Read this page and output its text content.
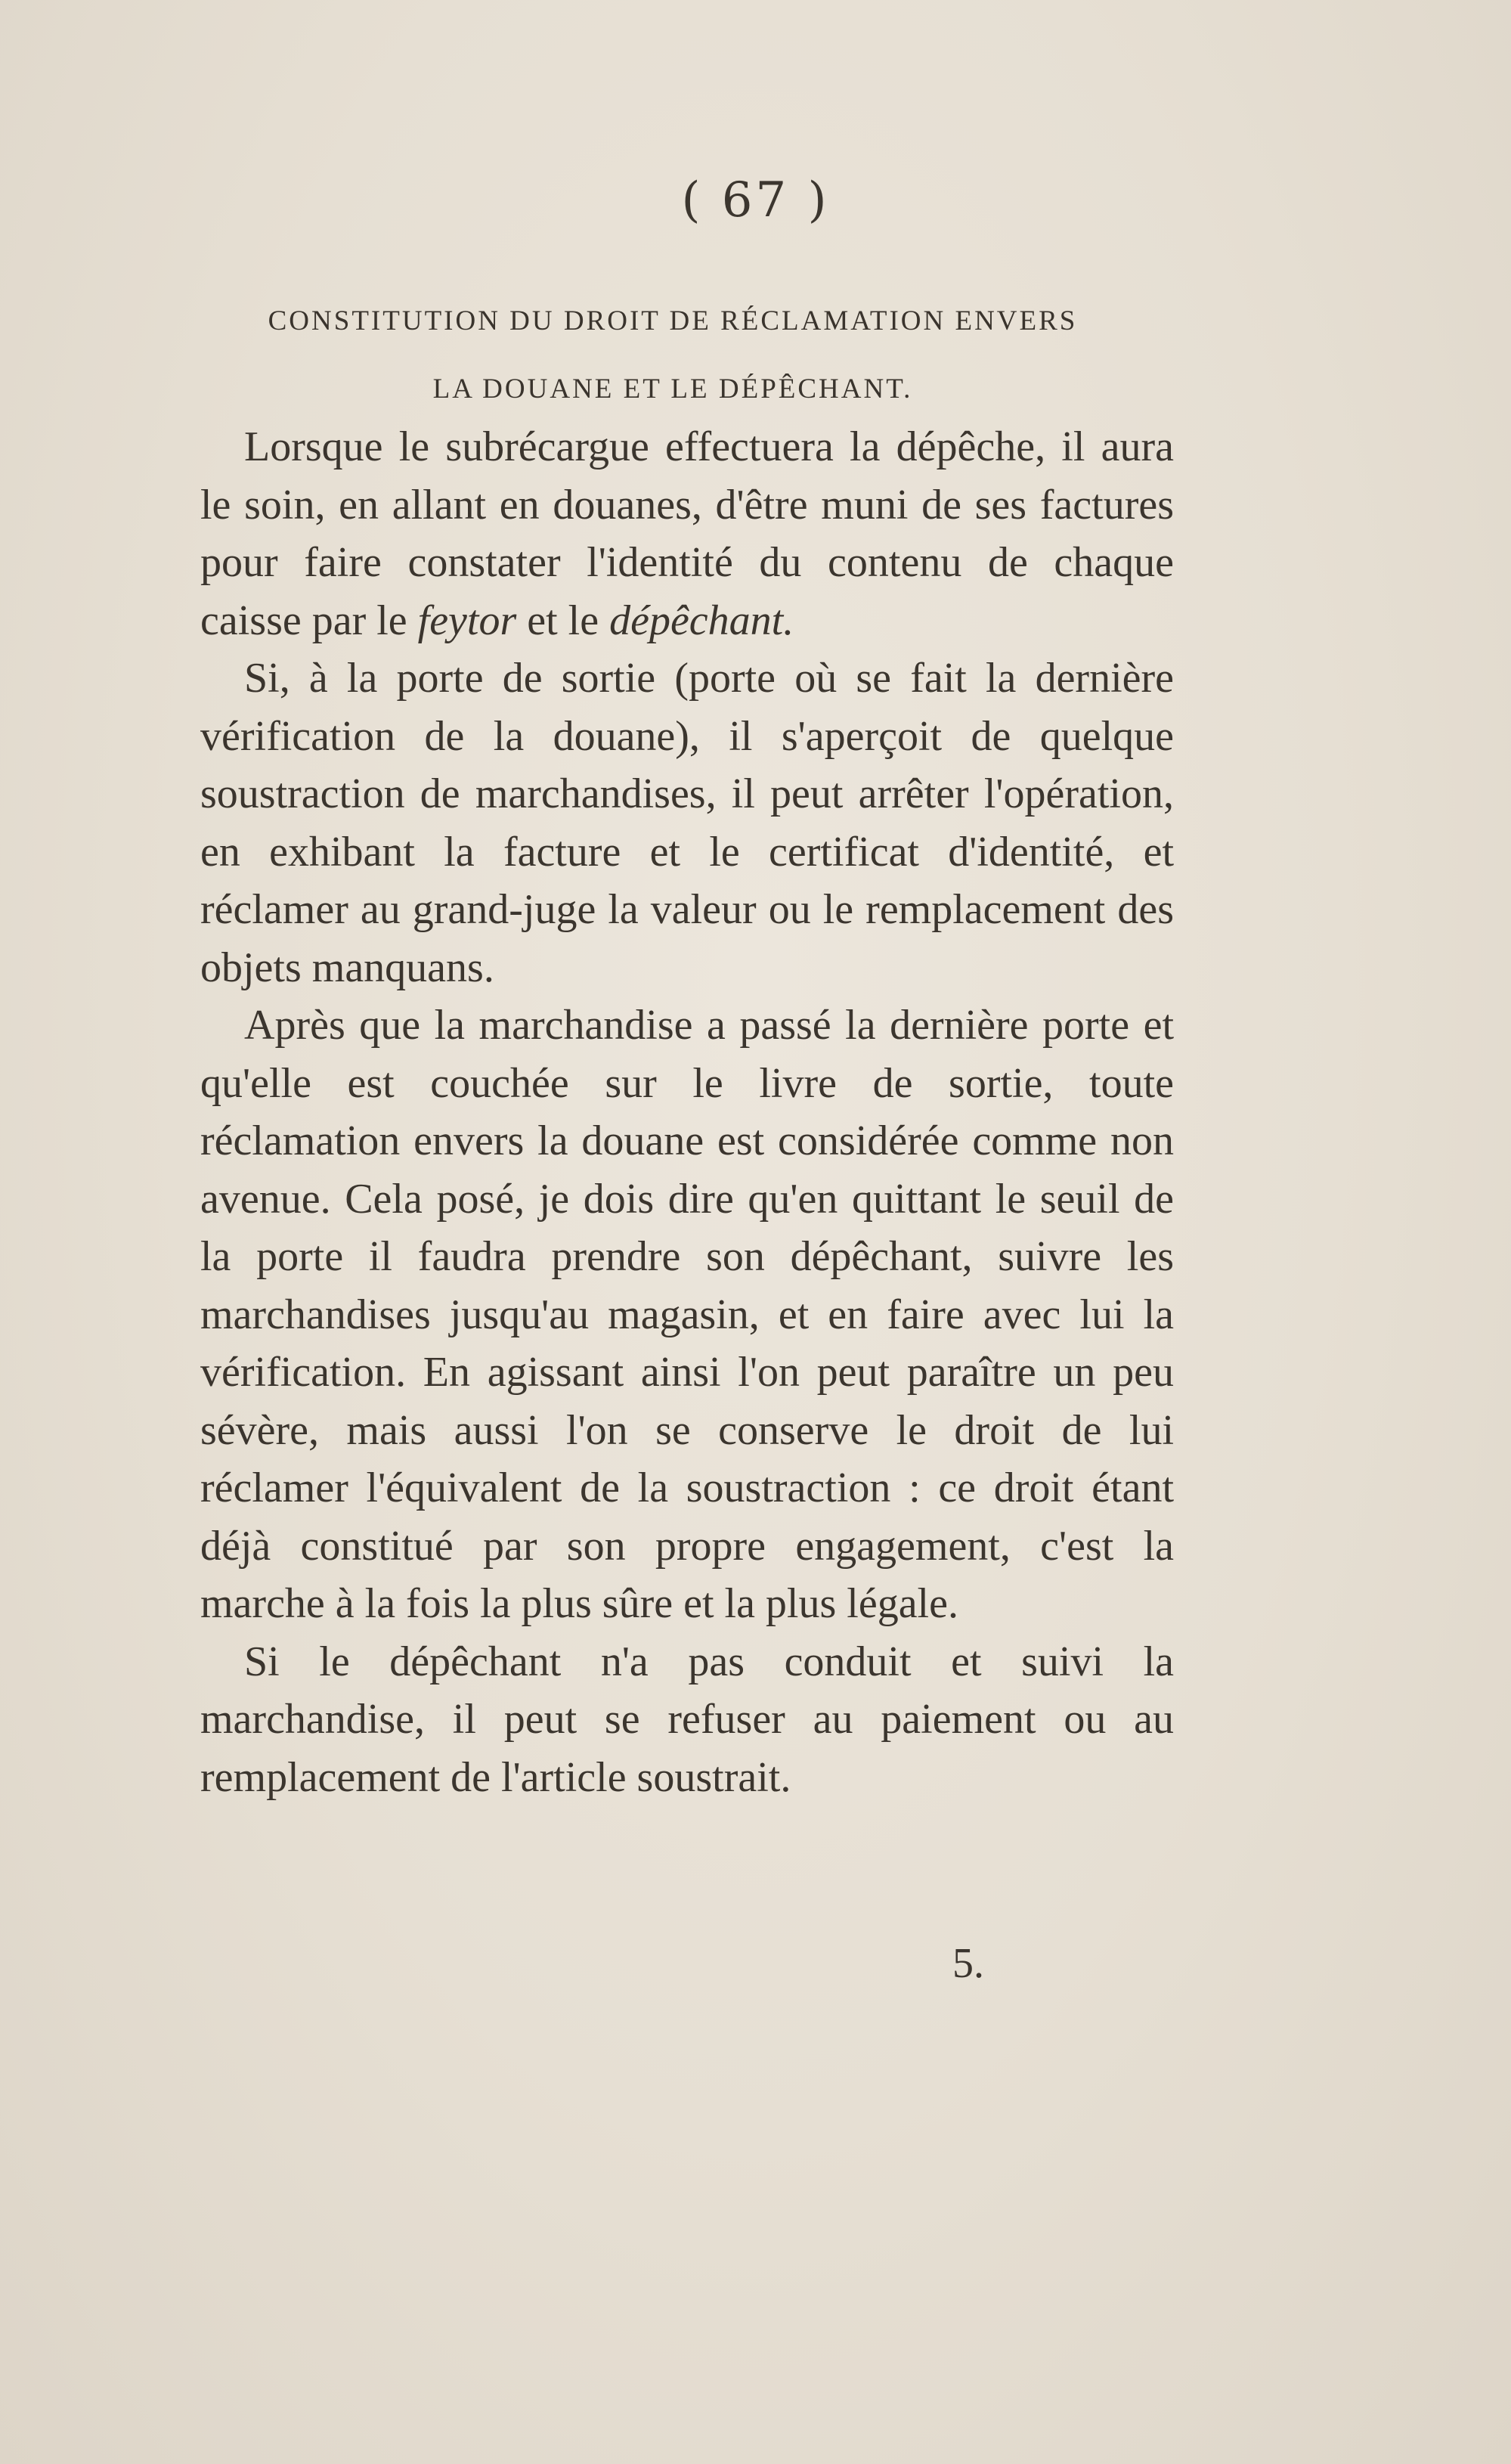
( 67 )
CONSTITUTION DU DROIT DE RÉCLAMATION ENVERS
LA DOUANE ET LE DÉPÊCHANT.

Lorsque le subrécargue effectuera la dépêche, il aura le soin, en allant en douanes, d'être muni de ses factures pour faire constater l'identité du contenu de chaque caisse par le feytor et le dépêchant.

Si, à la porte de sortie (porte où se fait la dernière vérification de la douane), il s'aperçoit de quelque soustraction de marchandises, il peut arrêter l'opération, en exhibant la facture et le certificat d'identité, et réclamer au grand-juge la valeur ou le remplacement des objets manquans.

Après que la marchandise a passé la dernière porte et qu'elle est couchée sur le livre de sortie, toute réclamation envers la douane est considérée comme non avenue. Cela posé, je dois dire qu'en quittant le seuil de la porte il faudra prendre son dépêchant, suivre les marchandises jusqu'au magasin, et en faire avec lui la vérification. En agissant ainsi l'on peut paraître un peu sévère, mais aussi l'on se conserve le droit de lui réclamer l'équivalent de la soustraction : ce droit étant déjà constitué par son propre engagement, c'est la marche à la fois la plus sûre et la plus légale.

Si le dépêchant n'a pas conduit et suivi la marchandise, il peut se refuser au paiement ou au remplacement de l'article soustrait.

5.
